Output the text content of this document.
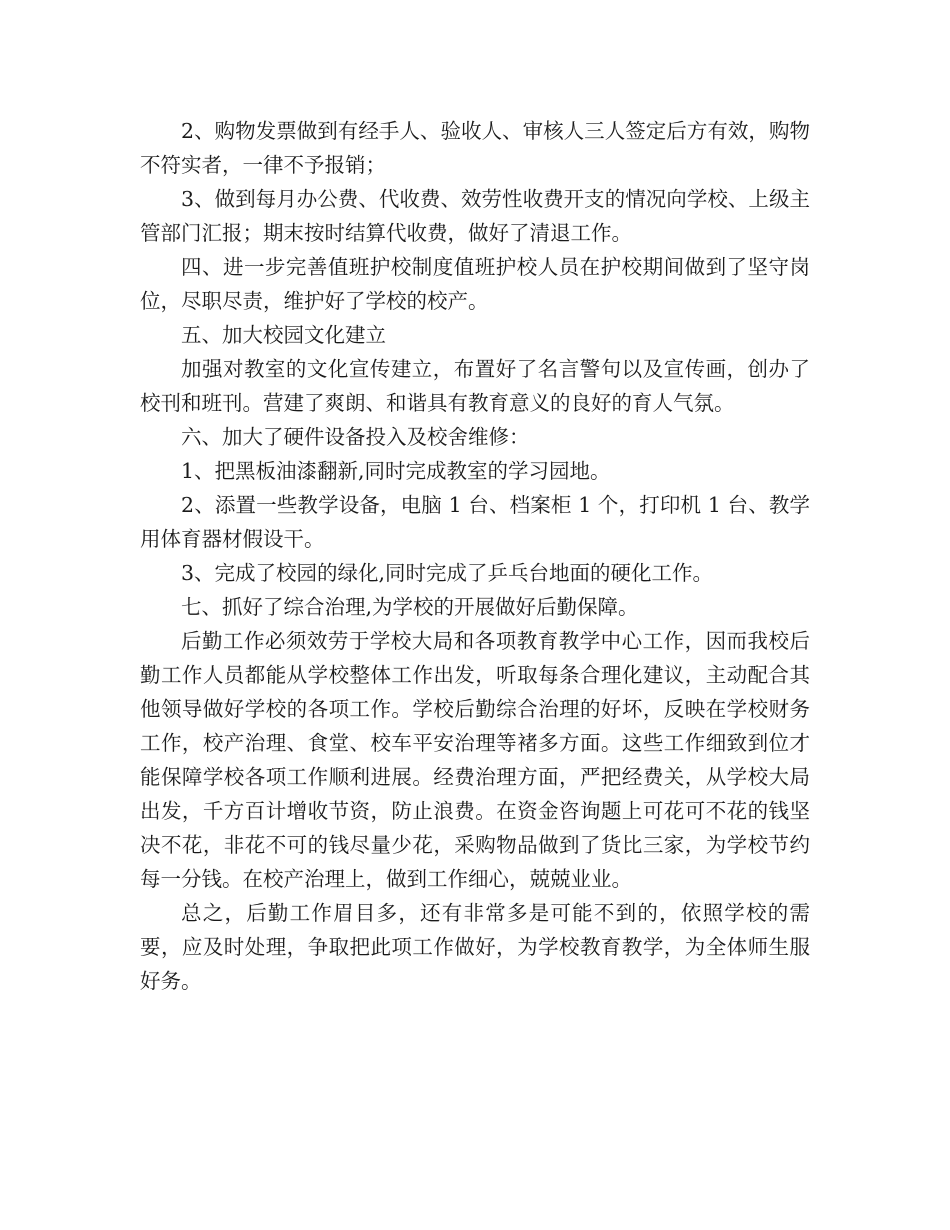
2、购物发票做到有经手人、验收人、审核人三人签定后方有效，购物不符实者，一律不予报销；

3、做到每月办公费、代收费、效劳性收费开支的情况向学校、上级主管部门汇报；期末按时结算代收费，做好了清退工作。

四、进一步完善值班护校制度值班护校人员在护校期间做到了坚守岗位，尽职尽责，维护好了学校的校产。

五、加大校园文化建立

加强对教室的文化宣传建立，布置好了名言警句以及宣传画，创办了校刊和班刊。营建了爽朗、和谐具有教育意义的良好的育人气氛。

六、加大了硬件设备投入及校舍维修：

1、把黑板油漆翻新,同时完成教室的学习园地。

2、添置一些教学设备，电脑 1 台、档案柜 1 个，打印机 1 台、教学用体育器材假设干。

3、完成了校园的绿化,同时完成了乒乓台地面的硬化工作。

七、抓好了综合治理,为学校的开展做好后勤保障。

后勤工作必须效劳于学校大局和各项教育教学中心工作，因而我校后勤工作人员都能从学校整体工作出发，听取每条合理化建议，主动配合其他领导做好学校的各项工作。学校后勤综合治理的好坏，反映在学校财务工作，校产治理、食堂、校车平安治理等褚多方面。这些工作细致到位才能保障学校各项工作顺利进展。经费治理方面，严把经费关，从学校大局出发，千方百计增收节资，防止浪费。在资金咨询题上可花可不花的钱坚决不花，非花不可的钱尽量少花，采购物品做到了货比三家，为学校节约每一分钱。在校产治理上，做到工作细心，兢兢业业。

总之，后勤工作眉目多，还有非常多是可能不到的，依照学校的需要，应及时处理，争取把此项工作做好，为学校教育教学，为全体师生服好务。
